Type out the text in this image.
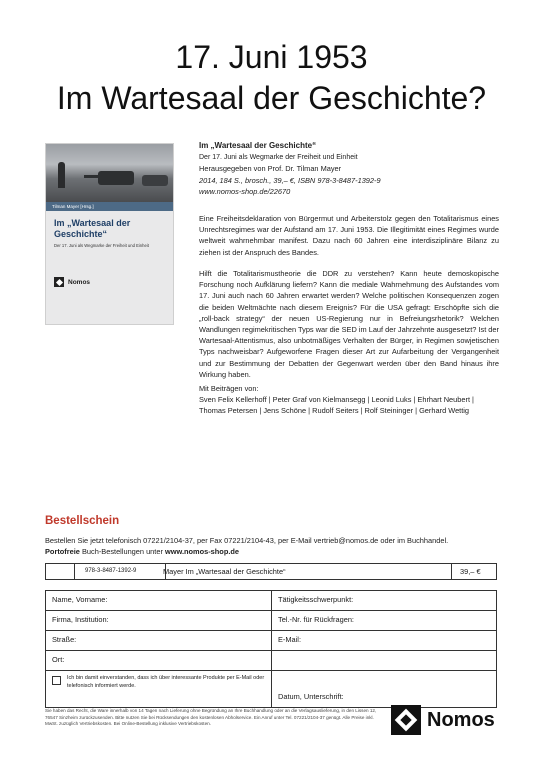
17. Juni 1953
Im Wartesaal der Geschichte?
Tilman Mayer [Hrsg.]
Im „Wartesaal der Geschichte“
Der 17. Juni als Wegmarke der Freiheit und Einheit
Nomos
Im „Wartesaal der Geschichte“
Der 17. Juni als Wegmarke der Freiheit und Einheit
Herausgegeben von Prof. Dr. Tilman Mayer
2014, 184 S., brosch., 39,– €, ISBN 978-3-8487-1392-9
www.nomos-shop.de/22670

Eine Freiheitsdeklaration von Bürgermut und Arbeiterstolz gegen den Totalitarismus eines Unrechtsregimes war der Aufstand am 17. Juni 1953. Die Illegitimität eines Regimes wurde weltweit wahrnehmbar manifest. Dazu nach 60 Jahren eine interdisziplinäre Bilanz zu ziehen ist der Anspruch des Bandes.

Hilft die Totalitarismustheorie die DDR zu verstehen? Kann heute demoskopische Forschung noch Aufklärung liefern? Kann die mediale Wahrnehmung des Aufstandes vom 17. Juni auch nach 60 Jahren erwartet werden? Welche politischen Konsequenzen zogen die beiden Weltmächte nach diesem Ereignis? Für die USA gefragt: Erschöpfte sich die „roll-back strategy“ der neuen US-Regierung nur in Befreiungsrhetorik? Welchen Wandlungen regimekritischen Typs war die SED im Lauf der Jahrzehnte ausgesetzt? Ist der Wartesaal-Attentismus, also unbotmäßiges Verhalten der Bürger, in Regimen sowjetischen Typs nachweisbar? Aufgeworfene Fragen dieser Art zur Aufarbeitung der Vergangenheit und zur Bestimmung der Debatten der Gegenwart werden über den Band hinaus ihre Wirkung haben.

Mit Beiträgen von:
Sven Felix Kellerhoff | Peter Graf von Kielmansegg | Leonid Luks | Ehrhart Neubert | Thomas Petersen | Jens Schöne | Rudolf Seiters | Rolf Steininger | Gerhard Wettig
Bestellschein
Bestellen Sie jetzt telefonisch 07221/2104-37, per Fax 07221/2104-43, per E-Mail vertrieb@nomos.de oder im Buchhandel.
Portofreie Buch-Bestellungen unter www.nomos-shop.de
978-3-8487-1392-9	Mayer Im „Wartesaal der Geschichte“	39,– €
Name, Vorname:	Tätigkeitsschwerpunkt:
Firma, Institution:	Tel.-Nr. für Rückfragen:
Straße:	E-Mail:
Ort:
Ich bin damit einverstanden, dass ich über interessante Produkte per E-Mail oder telefonisch informiert werde.
Datum, Unterschrift:
Sie haben das Recht, die Ware innerhalb von 14 Tagen nach Lieferung ohne Begründung an Ihre Buchhandlung oder an die Verlagsauslieferung, in den Lissen 12, 76547 Sinzheim zurückzusenden. Bitte nutzen Sie bei Rücksendungen den kostenlosen Abholservice. Ein Anruf unter Tel. 07221/2104-37 genügt. Alle Preise inkl. MwSt. zuzüglich Vertriebskosten. Bei Online-Bestellung inklusive Vertriebskosten.	Nomos
